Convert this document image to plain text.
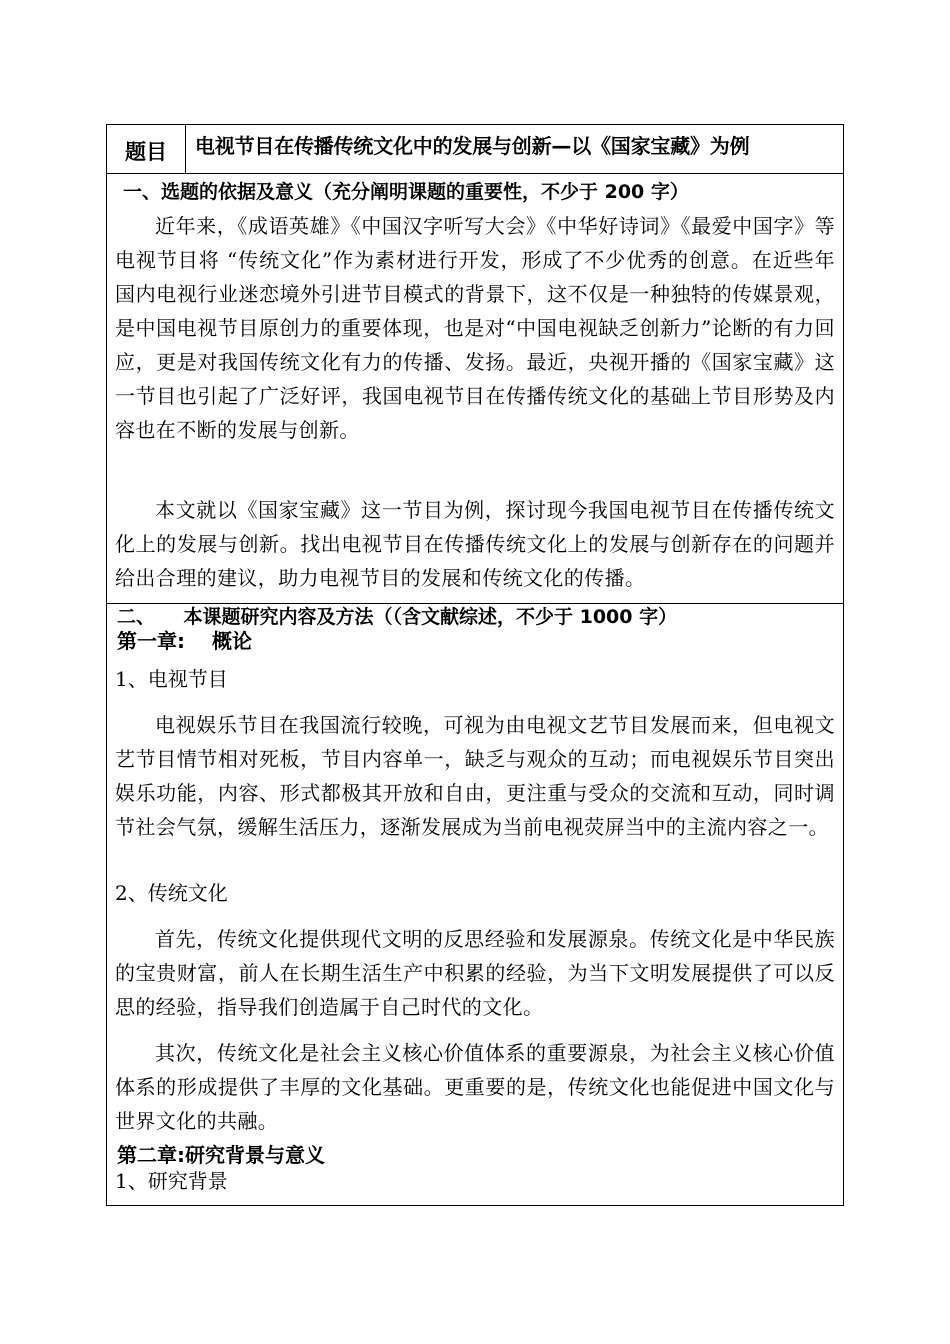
题目	电视节目在传播传统文化中的发展与创新—以《国家宝藏》为例
一、选题的依据及意义（充分阐明课题的重要性，不少于 200 字）
近年来，《成语英雄》《中国汉字听写大会》《中华好诗词》《最爱中国字》等电视节目将 “传统文化”作为素材进行开发，形成了不少优秀的创意。在近些年国内电视行业迷恋境外引进节目模式的背景下，这不仅是一种独特的传媒景观，是中国电视节目原创力的重要体现，也是对“中国电视缺乏创新力”论断的有力回应，更是对我国传统文化有力的传播、发扬。最近，央视开播的《国家宝藏》这一节目也引起了广泛好评，我国电视节目在传播传统文化的基础上节目形势及内容也在不断的发展与创新。
本文就以《国家宝藏》这一节目为例，探讨现今我国电视节目在传播传统文化上的发展与创新。找出电视节目在传播传统文化上的发展与创新存在的问题并给出合理的建议，助力电视节目的发展和传统文化的传播。
二、　　本课题研究内容及方法（（含文献综述，不少于 1000 字）
第一章:　 概论
1、电视节目
电视娱乐节目在我国流行较晚，可视为由电视文艺节目发展而来，但电视文艺节目情节相对死板，节目内容单一，缺乏与观众的互动；而电视娱乐节目突出娱乐功能，内容、形式都极其开放和自由，更注重与受众的交流和互动，同时调节社会气氛，缓解生活压力，逐渐发展成为当前电视荧屏当中的主流内容之一。
2、传统文化
首先，传统文化提供现代文明的反思经验和发展源泉。传统文化是中华民族的宝贵财富，前人在长期生活生产中积累的经验，为当下文明发展提供了可以反思的经验，指导我们创造属于自己时代的文化。
其次，传统文化是社会主义核心价值体系的重要源泉，为社会主义核心价值体系的形成提供了丰厚的文化基础。更重要的是，传统文化也能促进中国文化与世界文化的共融。
第二章:研究背景与意义
1、研究背景
